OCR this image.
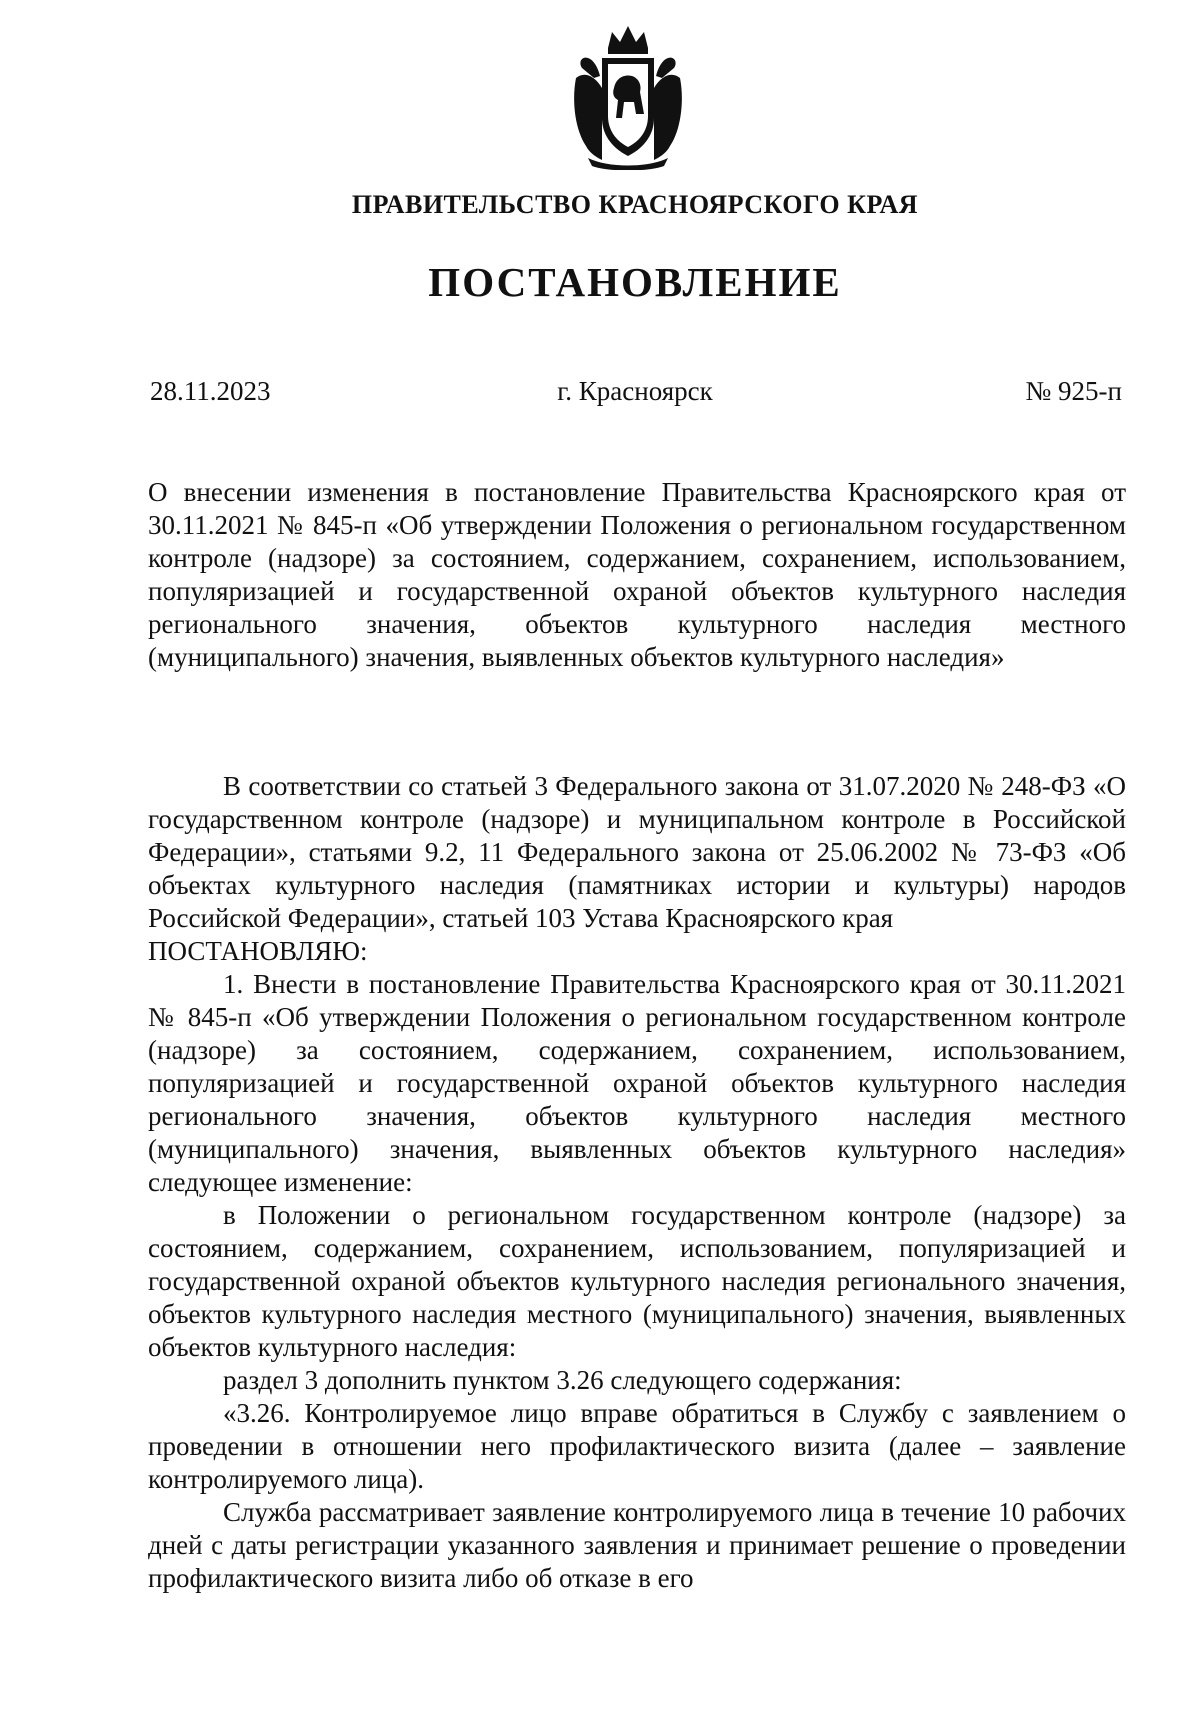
ПРАВИТЕЛЬСТВО КРАСНОЯРСКОГО КРАЯ
ПОСТАНОВЛЕНИЕ
28.11.2023	г. Красноярск	№ 925-п
О внесении изменения в постановление Правительства Красноярского края от 30.11.2021 № 845-п «Об утверждении Положения о региональном государственном контроле (надзоре) за состоянием, содержанием, сохранением, использованием, популяризацией и государственной охраной объектов культурного наследия регионального значения, объектов культурного наследия местного (муниципального) значения, выявленных объектов культурного наследия»

В соответствии со статьей 3 Федерального закона от 31.07.2020 № 248-ФЗ «О государственном контроле (надзоре) и муниципальном контроле в Российской Федерации», статьями 9.2, 11 Федерального закона от 25.06.2002 № 73-ФЗ «Об объектах культурного наследия (памятниках истории и культуры) народов Российской Федерации», статьей 103 Устава Красноярского края

ПОСТАНОВЛЯЮ:

1. Внести в постановление Правительства Красноярского края от 30.11.2021 № 845-п «Об утверждении Положения о региональном государственном контроле (надзоре) за состоянием, содержанием, сохранением, использованием, популяризацией и государственной охраной объектов культурного наследия регионального значения, объектов культурного наследия местного (муниципального) значения, выявленных объектов культурного наследия» следующее изменение:

в Положении о региональном государственном контроле (надзоре) за состоянием, содержанием, сохранением, использованием, популяризацией и государственной охраной объектов культурного наследия регионального значения, объектов культурного наследия местного (муниципального) значения, выявленных объектов культурного наследия:

раздел 3 дополнить пунктом 3.26 следующего содержания:

«3.26. Контролируемое лицо вправе обратиться в Службу с заявлением о проведении в отношении него профилактического визита (далее – заявление контролируемого лица).

Служба рассматривает заявление контролируемого лица в течение 10 рабочих дней с даты регистрации указанного заявления и принимает решение о проведении профилактического визита либо об отказе в его
